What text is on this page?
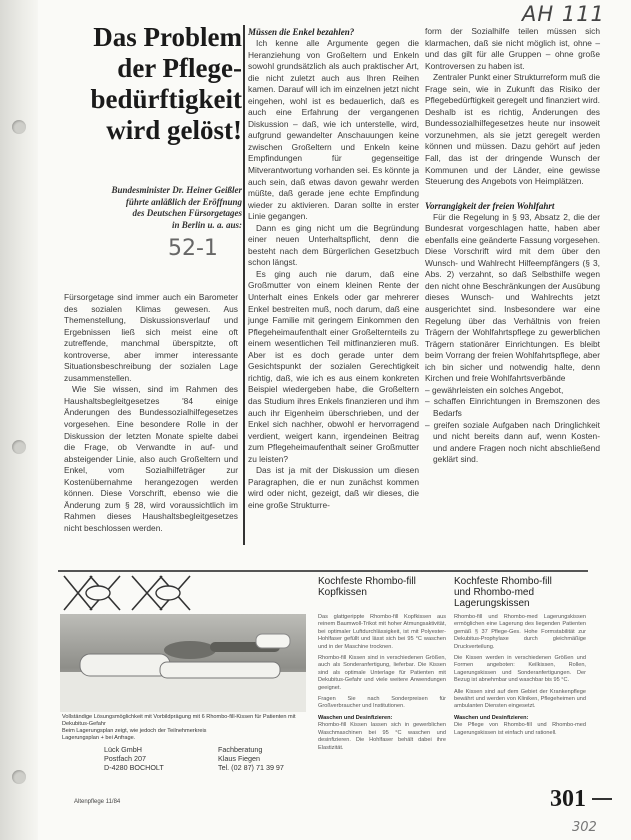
AH 111
52-1
302
Das Problem
der Pflege-
bedürftigkeit
wird gelöst!
Bundesminister Dr. Heiner Geißler
führte anläßlich der Eröffnung
des Deutschen Fürsorgetages
in Berlin u. a. aus:

Fürsorgetage sind immer auch ein Barometer des sozialen Klimas gewesen. Aus Themenstellung, Diskussionsverlauf und Ergebnissen ließ sich meist eine oft zutreffende, manchmal überspitzte, oft kontroverse, aber immer interessante Situationsbeschreibung der sozialen Lage zusammenstellen.

Wie Sie wissen, sind im Rahmen des Haushaltsbegleitgesetzes '84 einige Änderungen des Bundessozialhilfegesetzes vorgesehen. Eine besondere Rolle in der Diskussion der letzten Monate spielte dabei die Frage, ob Verwandte in auf- und absteigender Linie, also auch Großeltern und Enkel, vom Sozialhilfeträger zur Kostenübernahme herangezogen werden können. Diese Vorschrift, ebenso wie die Änderung zum § 28, wird voraussichtlich im Rahmen dieses Haushaltsbegleitgesetzes nicht beschlossen werden.

Müssen die Enkel bezahlen?

Ich kenne alle Argumente gegen die Heranziehung von Großeltern und Enkeln sowohl grundsätzlich als auch praktischer Art, die nicht zuletzt auch aus Ihren Reihen kamen. Darauf will ich im einzelnen jetzt nicht eingehen, wohl ist es bedauerlich, daß es auch eine Erfahrung der vergangenen Diskussion – daß, wie ich unterstelle, wird, aufgrund gewandelter Anschauungen keine zwischen Großeltern und Enkeln keine Empfindungen für gegenseitige Mitverantwortung vorhanden sei. Es könnte ja auch sein, daß etwas davon gewahr werden müßte, daß gerade jene echte Empfindung wieder zu aktivieren. Daran sollte in erster Linie gegangen.

Dann es ging nicht um die Begründung einer neuen Unterhaltspflicht, denn die besteht nach dem Bürgerlichen Gesetzbuch schon längst.

Es ging auch nie darum, daß eine Großmutter von einem kleinen Rente der Unterhalt eines Enkels oder gar mehrerer Enkel bestreiten muß, noch darum, daß eine junge Familie mit geringem Einkommen den Pflegeheimaufenthalt einer Großelternteils zu einem wesentlichen Teil mitfinanzieren muß. Aber ist es doch gerade unter dem Gesichtspunkt der sozialen Gerechtigkeit richtig, daß, wie ich es aus einem konkreten Beispiel wiedergeben habe, die Großeltern das Studium ihres Enkels finanzieren und ihm auch ihr Eigenheim überschrieben, und der Enkel sich nachher, obwohl er hervorragend verdient, weigert kann, irgendeinen Beitrag zum Pflegeheimaufenthalt seiner Großmutter zu leisten?

Das ist ja mit der Diskussion um diesen Paragraphen, die er nun zunächst kommen wird oder nicht, gezeigt, daß wir dieses, die eine große Strukturre-

form der Sozialhilfe teilen müssen sich klarmachen, daß sie nicht möglich ist, ohne – und das gilt für alle Gruppen – ohne große Kontroversen zu haben ist.

Zentraler Punkt einer Strukturreform muß die Frage sein, wie in Zukunft das Risiko der Pflegebedürftigkeit geregelt und finanziert wird. Deshalb ist es richtig, Änderungen des Bundessozialhilfegesetzes heute nur insoweit vorzunehmen, als sie jetzt geregelt werden können und müssen. Dazu gehört auf jeden Fall, das ist der dringende Wunsch der Kommunen und der Länder, eine gewisse Steuerung des Angebots von Heimplätzen.

Vorrangigkeit der freien Wohlfahrt

Für die Regelung in § 93, Absatz 2, die der Bundesrat vorgeschlagen hatte, haben aber ebenfalls eine geänderte Fassung vorgesehen. Diese Vorschrift wird mit dem über den Wunsch- und Wahlrecht Hilfeempfängers (§ 3, Abs. 2) verzahnt, so daß Selbsthilfe wegen den nicht ohne Beschränkungen der Ausübung dieses Wunsch- und Wahlrechts jetzt ausgerichtet sind. Insbesondere war eine Regelung über das Verhältnis von freien Trägern der Wohlfahrtspflege zu gewerblichen Trägern stationärer Einrichtungen. Es bleibt beim Vorrang der freien Wohlfahrtspflege, aber ich bin sicher und notwendig halte, denn Kirchen und freie Wohlfahrtsverbände

– gewährleisten ein solches Angebot,
– schaffen Einrichtungen in Bremszonen des Bedarfs
– greifen soziale Aufgaben nach Dringlichkeit und nicht bereits dann auf, wenn Kosten- und andere Fragen noch nicht abschließend geklärt sind.
Vollständige Lösungsmöglichkeit mit Vorbildprägung mit 6 Rhombo-fill-Kissen für Patienten mit Dekubitus-Gefahr
Beim Lagerungsplan zeigt, wie jedoch der Teilnehmerkreis
Lagerungsplan + bei Anfrage.
Lück GmbH
Postfach 207
D-4280 BOCHOLT
Fachberatung
Klaus Fiegen
Tel. (02 87) 71 39 97
Kochfeste Rhombo-fill
Kopfkissen

Das glattgerippte Rhombo-fill Kopfkissen aus reinem Baumwoll-Trikot mit hoher Atmungsaktivität, bei optimaler Luftdurchlässigkeit, ist mit Polyester-Hohlfaser gefüllt und lässt sich bei 95 °C waschen und in der Maschine trocknen.

Rhombo-fill Kissen sind in verschiedenen Größen, auch als Sonderanfertigung, lieferbar. Die Kissen sind als optimale Unterlage für Patienten mit Dekubitus-Gefahr und viele weitere Anwendungen geeignet.

Fragen Sie nach Sonderpreisen für Großverbraucher und Institutionen.

Waschen und Desinfizieren:

Rhombo-fill Kissen lassen sich in gewerblichen Waschmaschinen bei 95 °C waschen und desinfizieren. Die Hohlfaser behält dabei ihre Elastizität.

Kochfeste Rhombo-fill
und Rhombo-med
Lagerungskissen

Rhombo-fill und Rhombo-med Lagerungskissen ermöglichen eine Lagerung des liegenden Patienten gemäß § 37 Pflege-Ges. Hohe Formstabilität zur Dekubitus-Prophylaxe durch gleichmäßige Druckverteilung.

Die Kissen werden in verschiedenen Größen und Formen angeboten: Keilkissen, Rollen, Lagerungskissen und Sonderanfertigungen. Der Bezug ist abnehmbar und waschbar bis 95 °C.

Alle Kissen sind auf dem Gebiet der Krankenpflege bewährt und werden von Kliniken, Pflegeheimen und ambulanten Diensten eingesetzt.

Waschen und Desinfizieren:

Die Pflege von Rhombo-fill und Rhombo-med Lagerungskissen ist einfach und rationell.

Altenpflege 11/84	301
